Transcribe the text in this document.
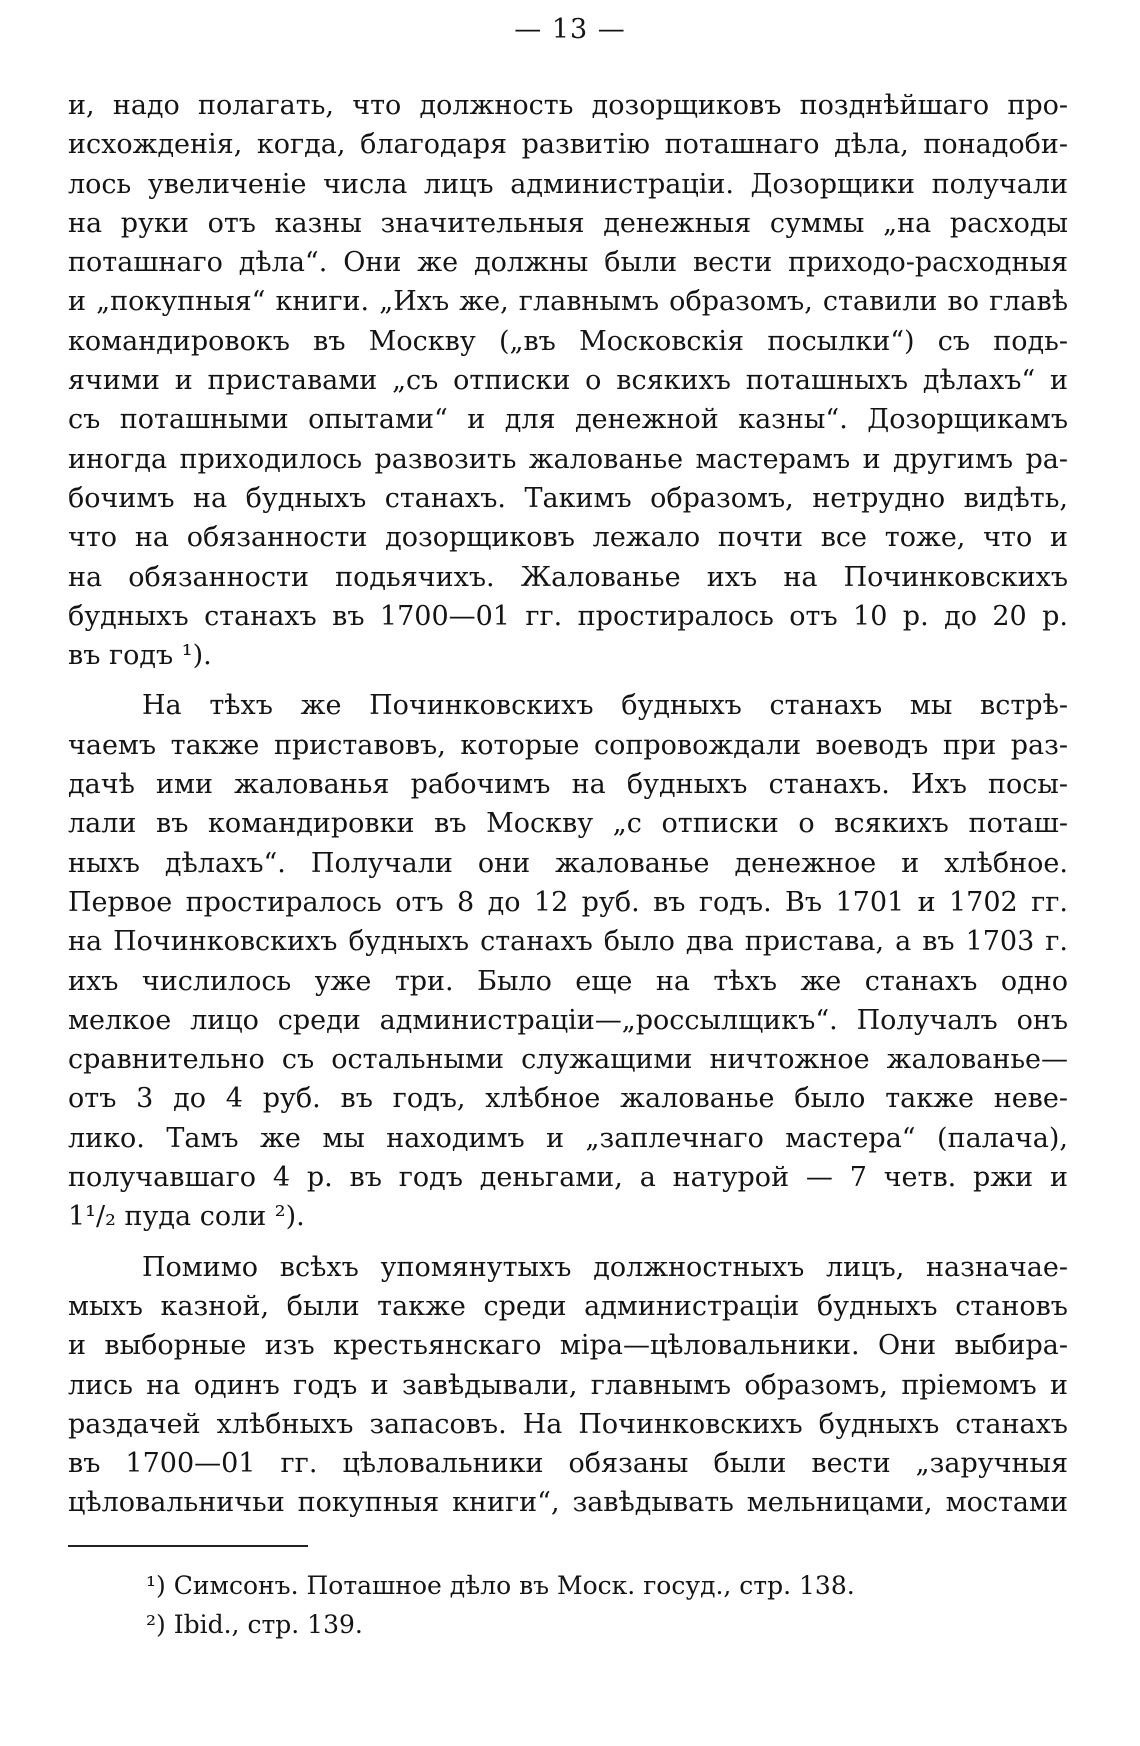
— 13 —
и, надо полагать, что должность дозорщиковъ позднѣйшаго про-
исхожденія, когда, благодаря развитію поташнаго дѣла, понадоби-
лось увеличеніе числа лицъ администраціи. Дозорщики получали
на руки отъ казны значительныя денежныя суммы „на расходы
поташнаго дѣла“. Они же должны были вести приходо-расходныя
и „покупныя“ книги. „Ихъ же, главнымъ образомъ, ставили во главѣ
командировокъ въ Москву („въ Московскія посылки“) съ подь-
ячими и приставами „съ отписки о всякихъ поташныхъ дѣлахъ“ и
съ поташными опытами“ и для денежной казны“. Дозорщикамъ
иногда приходилось развозить жалованье мастерамъ и другимъ ра-
бочимъ на будныхъ станахъ. Такимъ образомъ, нетрудно видѣть,
что на обязанности дозорщиковъ лежало почти все тоже, что и
на обязанности подьячихъ. Жалованье ихъ на Починковскихъ
будныхъ станахъ въ 1700—01 гг. простиралось отъ 10 р. до 20 р.
въ годъ ¹).
На тѣхъ же Починковскихъ будныхъ станахъ мы встрѣ-
чаемъ также приставовъ, которые сопровождали воеводъ при раз-
дачѣ ими жалованья рабочимъ на будныхъ станахъ. Ихъ посы-
лали въ командировки въ Москву „с отписки о всякихъ поташ-
ныхъ дѣлахъ“. Получали они жалованье денежное и хлѣбное.
Первое простиралось отъ 8 до 12 руб. въ годъ. Въ 1701 и 1702 гг.
на Починковскихъ будныхъ станахъ было два пристава, а въ 1703 г.
ихъ числилось уже три. Было еще на тѣхъ же станахъ одно
мелкое лицо среди администраціи—„россылщикъ“. Получалъ онъ
сравнительно съ остальными служащими ничтожное жалованье—
отъ 3 до 4 руб. въ годъ, хлѣбное жалованье было также неве-
лико. Тамъ же мы находимъ и „заплечнаго мастера“ (палача),
получавшаго 4 р. въ годъ деньгами, а натурой — 7 четв. ржи и
1¹/₂ пуда соли ²).
Помимо всѣхъ упомянутыхъ должностныхъ лицъ, назначае-
мыхъ казной, были также среди администраціи будныхъ становъ
и выборные изъ крестьянскаго міра—цѣловальники. Они выбира-
лись на одинъ годъ и завѣдывали, главнымъ образомъ, пріемомъ и
раздачей хлѣбныхъ запасовъ. На Починковскихъ будныхъ станахъ
въ 1700—01 гг. цѣловальники обязаны были вести „заручныя
цѣловальничьи покупныя книги“, завѣдывать мельницами, мостами
¹) Симсонъ. Поташное дѣло въ Моск. госуд., стр. 138.
²) Ibid., стр. 139.
